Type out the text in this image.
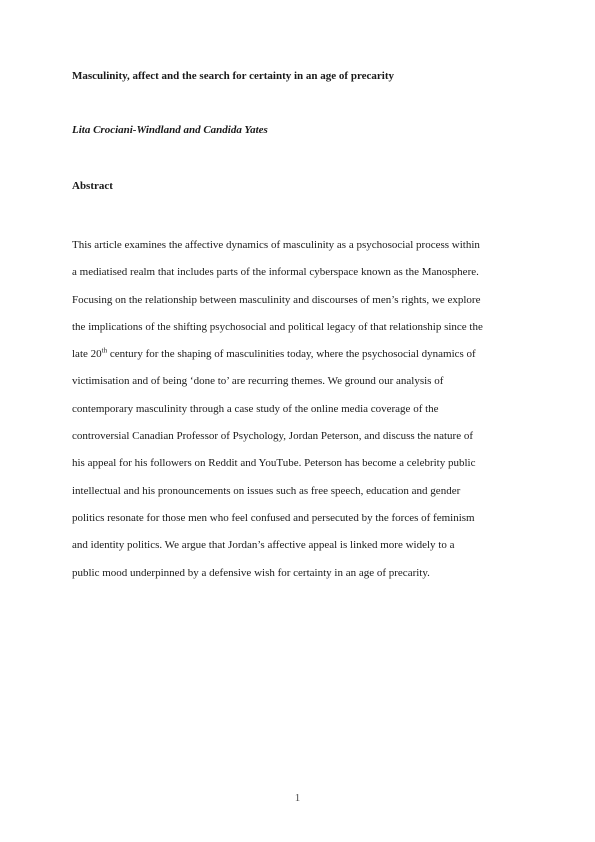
Masculinity, affect and the search for certainty in an age of precarity
Lita Crociani-Windland and Candida Yates
Abstract
This article examines the affective dynamics of masculinity as a psychosocial process within
a mediatised realm that includes parts of the informal cyberspace known as the Manosphere.
Focusing on the relationship between masculinity and discourses of men’s rights, we explore
the implications of the shifting psychosocial and political legacy of that relationship since the
late 20th century for the shaping of masculinities today, where the psychosocial dynamics of
victimisation and of being ‘done to’ are recurring themes. We ground our analysis of
contemporary masculinity through a case study of the online media coverage of the
controversial Canadian Professor of Psychology, Jordan Peterson, and discuss the nature of
his appeal for his followers on Reddit and YouTube. Peterson has become a celebrity public
intellectual and his pronouncements on issues such as free speech, education and gender
politics resonate for those men who feel confused and persecuted by the forces of feminism
and identity politics. We argue that Jordan’s affective appeal is linked more widely to a
public mood underpinned by a defensive wish for certainty in an age of precarity.
1
